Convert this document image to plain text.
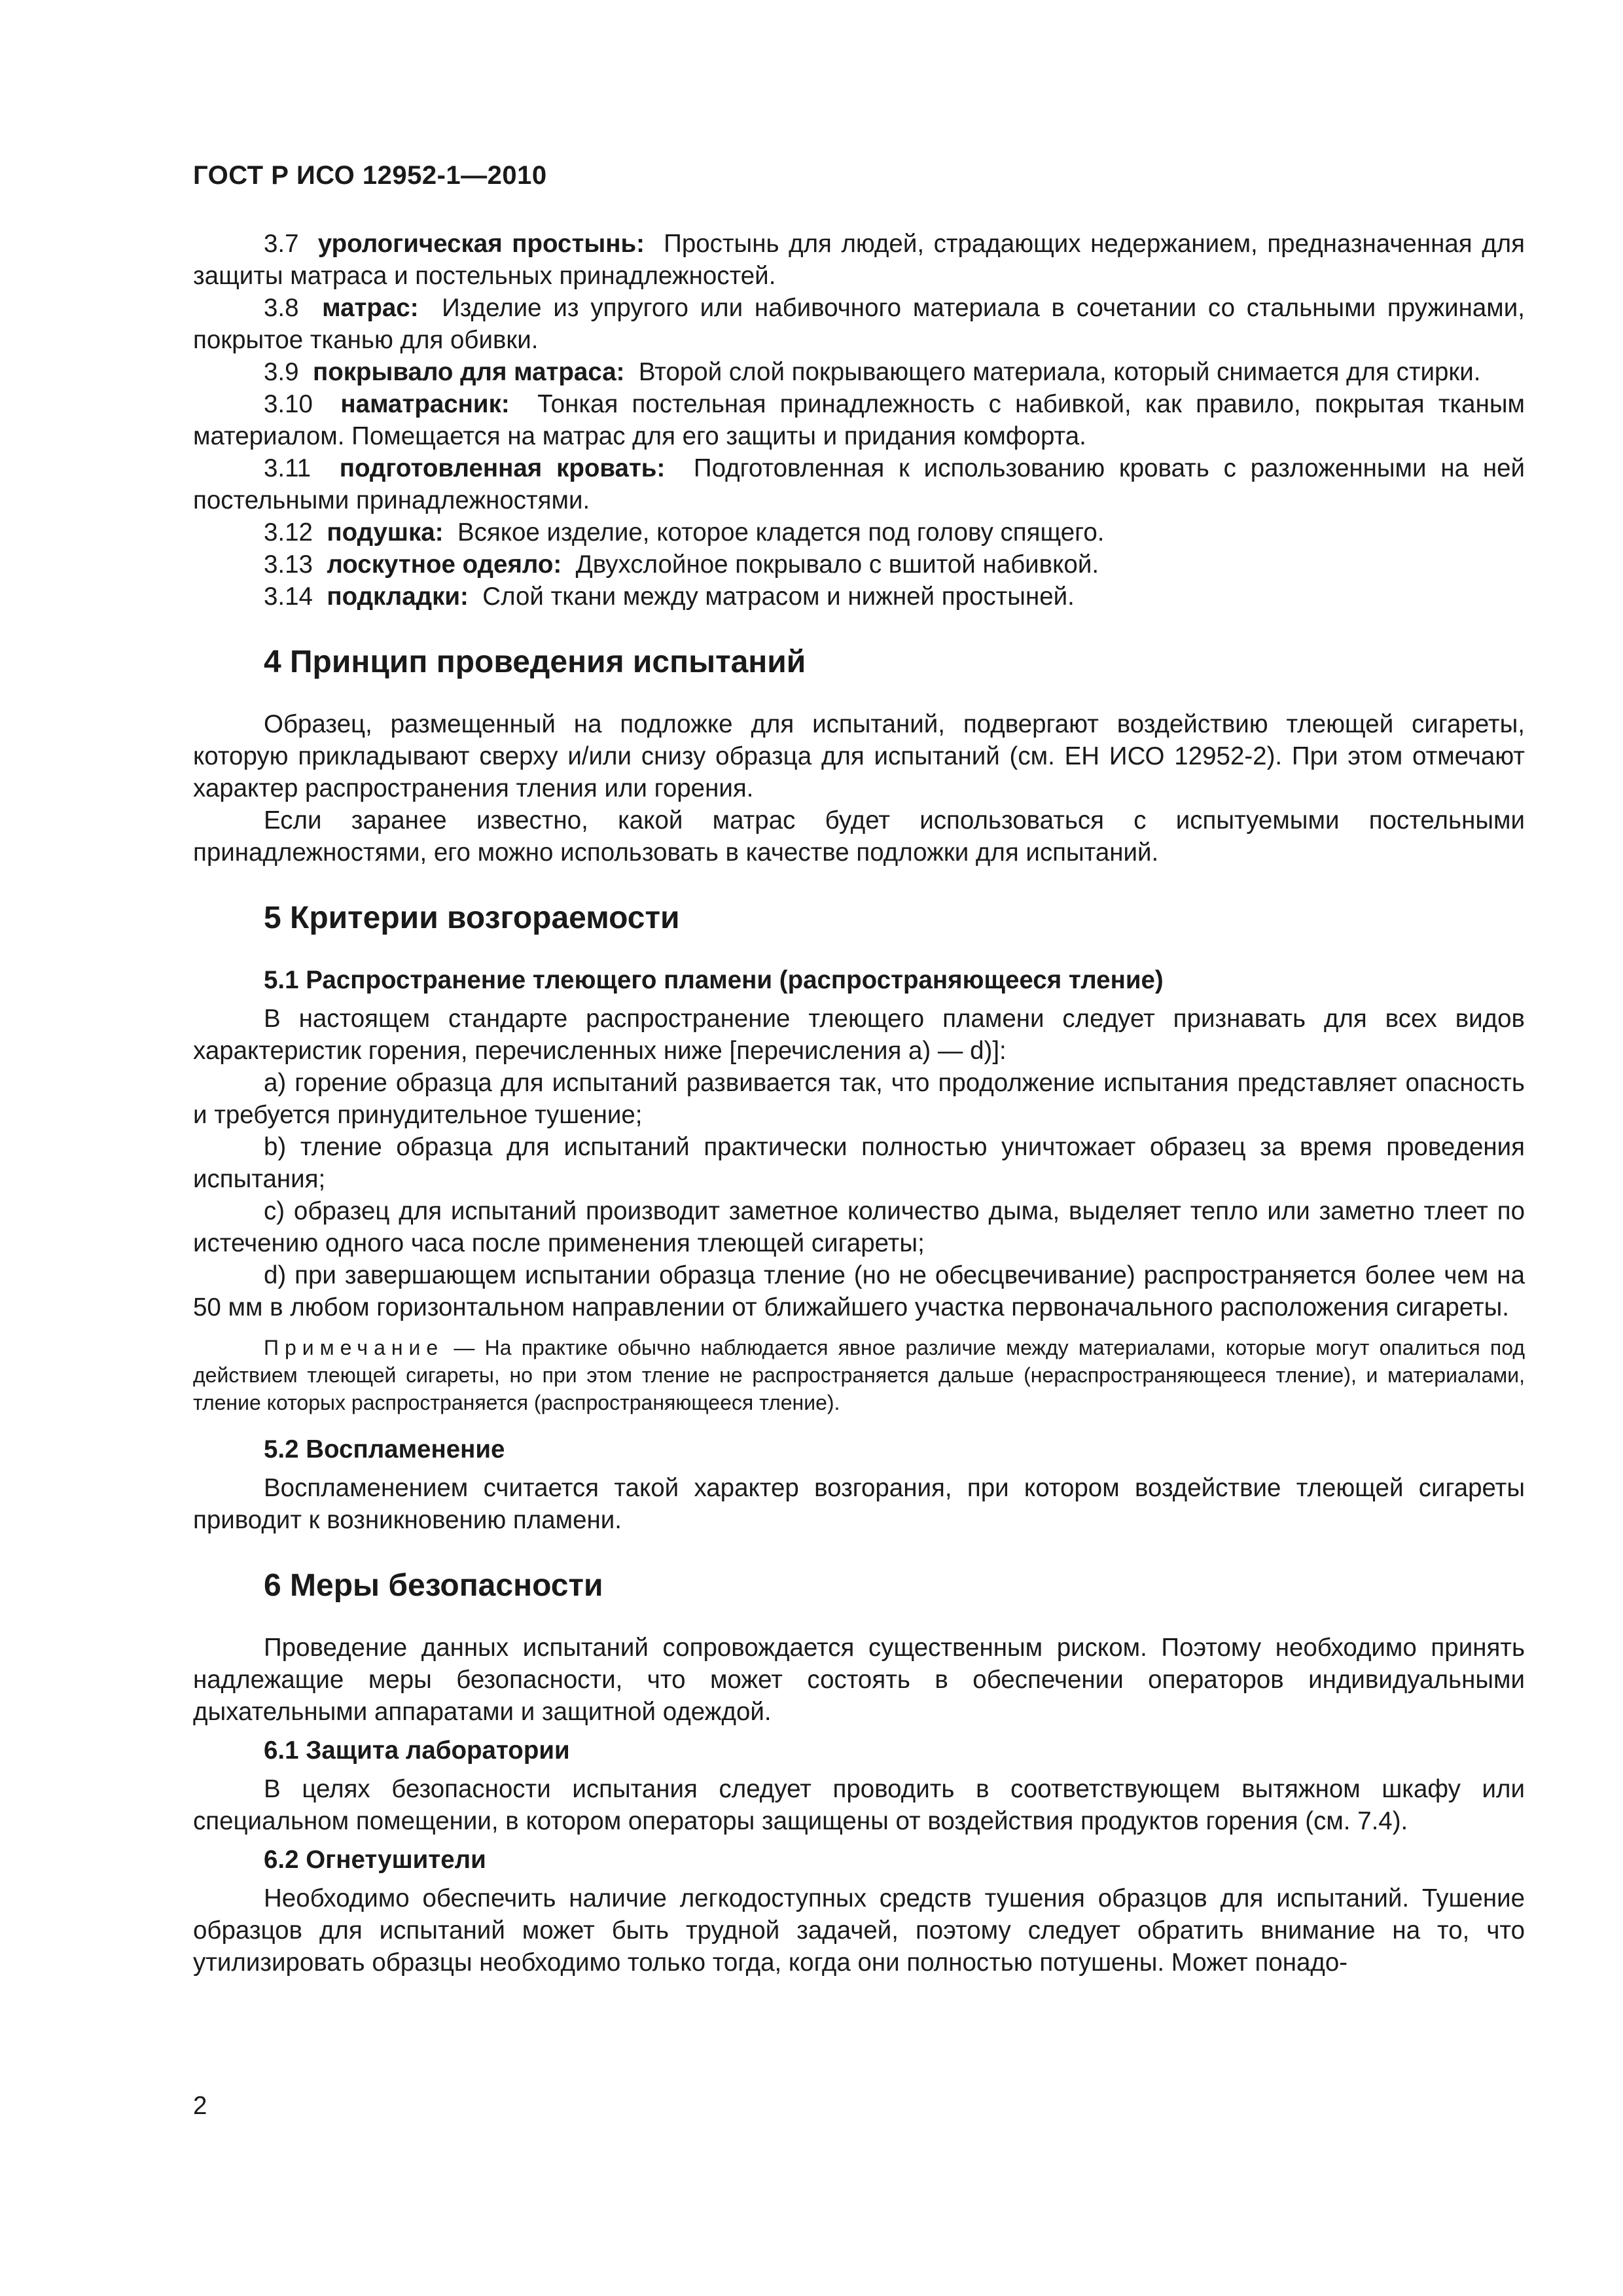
ГОСТ Р ИСО 12952-1—2010

3.7 урологическая простынь: Простынь для людей, страдающих недержанием, предназначенная для защиты матраса и постельных принадлежностей.

3.8 матрас: Изделие из упругого или набивочного материала в сочетании со стальными пружинами, покрытое тканью для обивки.

3.9 покрывало для матраса: Второй слой покрывающего материала, который снимается для стирки.

3.10 наматрасник: Тонкая постельная принадлежность с набивкой, как правило, покрытая тканым материалом. Помещается на матрас для его защиты и придания комфорта.

3.11 подготовленная кровать: Подготовленная к использованию кровать с разложенными на ней постельными принадлежностями.

3.12 подушка: Всякое изделие, которое кладется под голову спящего.

3.13 лоскутное одеяло: Двухслойное покрывало с вшитой набивкой.

3.14 подкладки: Слой ткани между матрасом и нижней простыней.

4 Принцип проведения испытаний

Образец, размещенный на подложке для испытаний, подвергают воздействию тлеющей сигареты, которую прикладывают сверху и/или снизу образца для испытаний (см. ЕН ИСО 12952-2). При этом отмечают характер распространения тления или горения.

Если заранее известно, какой матрас будет использоваться с испытуемыми постельными принадлежностями, его можно использовать в качестве подложки для испытаний.

5 Критерии возгораемости
5.1 Распространение тлеющего пламени (распространяющееся тление)

В настоящем стандарте распространение тлеющего пламени следует признавать для всех видов характеристик горения, перечисленных ниже [перечисления a) — d)]:

a) горение образца для испытаний развивается так, что продолжение испытания представляет опасность и требуется принудительное тушение;

b) тление образца для испытаний практически полностью уничтожает образец за время проведения испытания;

c) образец для испытаний производит заметное количество дыма, выделяет тепло или заметно тлеет по истечению одного часа после применения тлеющей сигареты;

d) при завершающем испытании образца тление (но не обесцвечивание) распространяется более чем на 50 мм в любом горизонтальном направлении от ближайшего участка первоначального расположения сигареты.

Примечание — На практике обычно наблюдается явное различие между материалами, которые могут опалиться под действием тлеющей сигареты, но при этом тление не распространяется дальше (нераспространяющееся тление), и материалами, тление которых распространяется (распространяющееся тление).

5.2 Воспламенение

Воспламенением считается такой характер возгорания, при котором воздействие тлеющей сигареты приводит к возникновению пламени.

6 Меры безопасности

Проведение данных испытаний сопровождается существенным риском. Поэтому необходимо принять надлежащие меры безопасности, что может состоять в обеспечении операторов индивидуальными дыхательными аппаратами и защитной одеждой.

6.1 Защита лаборатории

В целях безопасности испытания следует проводить в соответствующем вытяжном шкафу или специальном помещении, в котором операторы защищены от воздействия продуктов горения (см. 7.4).

6.2 Огнетушители

Необходимо обеспечить наличие легкодоступных средств тушения образцов для испытаний. Тушение образцов для испытаний может быть трудной задачей, поэтому следует обратить внимание на то, что утилизировать образцы необходимо только тогда, когда они полностью потушены. Может понадо-

2
